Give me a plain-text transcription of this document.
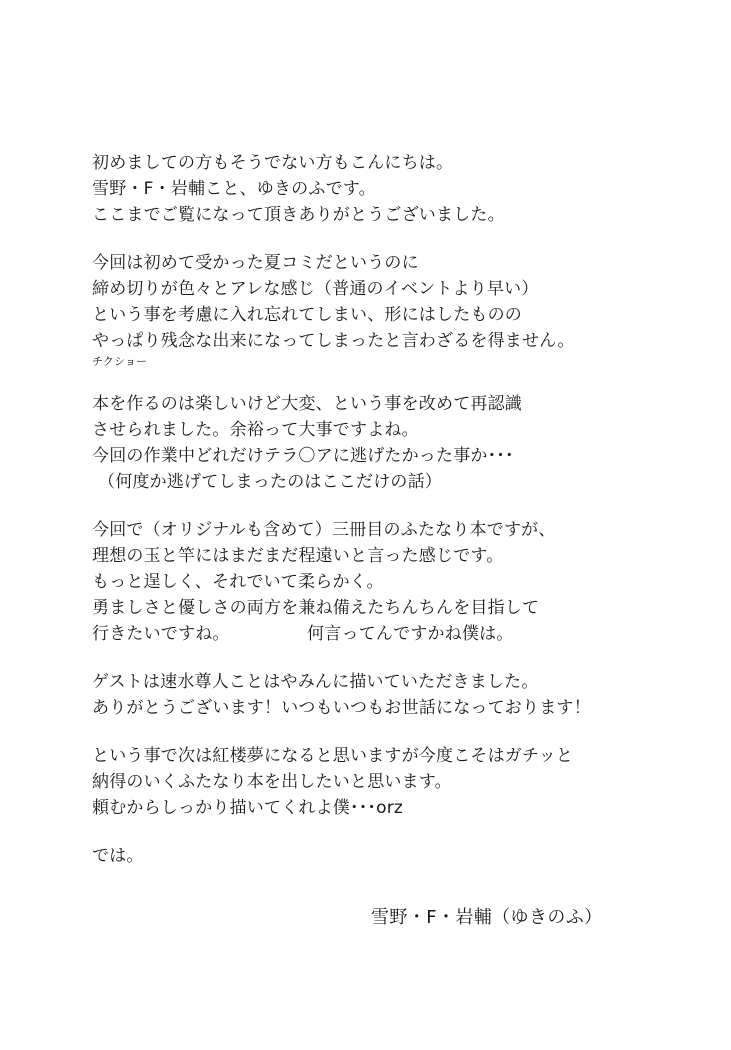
初めましての方もそうでない方もこんにちは。
雪野・F・岩輔こと、ゆきのふです。
ここまでご覧になって頂きありがとうございました。
今回は初めて受かった夏コミだというのに
締め切りが色々とアレな感じ（普通のイベントより早い）
という事を考慮に入れ忘れてしまい、形にはしたものの
やっぱり残念な出来になってしまったと言わざるを得ません。
チクショー
本を作るのは楽しいけど大変、という事を改めて再認識
させられました。余裕って大事ですよね。
今回の作業中どれだけテラ〇アに逃げたかった事か･･･
（何度か逃げてしまったのはここだけの話）
今回で（オリジナルも含めて）三冊目のふたなり本ですが、
理想の玉と竿にはまだまだ程遠いと言った感じです。
もっと逞しく、それでいて柔らかく。
勇ましさと優しさの両方を兼ね備えたちんちんを目指して
行きたいですね。　　　　　何言ってんですかね僕は。
ゲストは速水尊人ことはやみんに描いていただきました。
ありがとうございます！いつもいつもお世話になっております！
という事で次は紅楼夢になると思いますが今度こそはガチッと
納得のいくふたなり本を出したいと思います。
頼むからしっかり描いてくれよ僕･･･orz
では。
雪野・F・岩輔（ゆきのふ）
